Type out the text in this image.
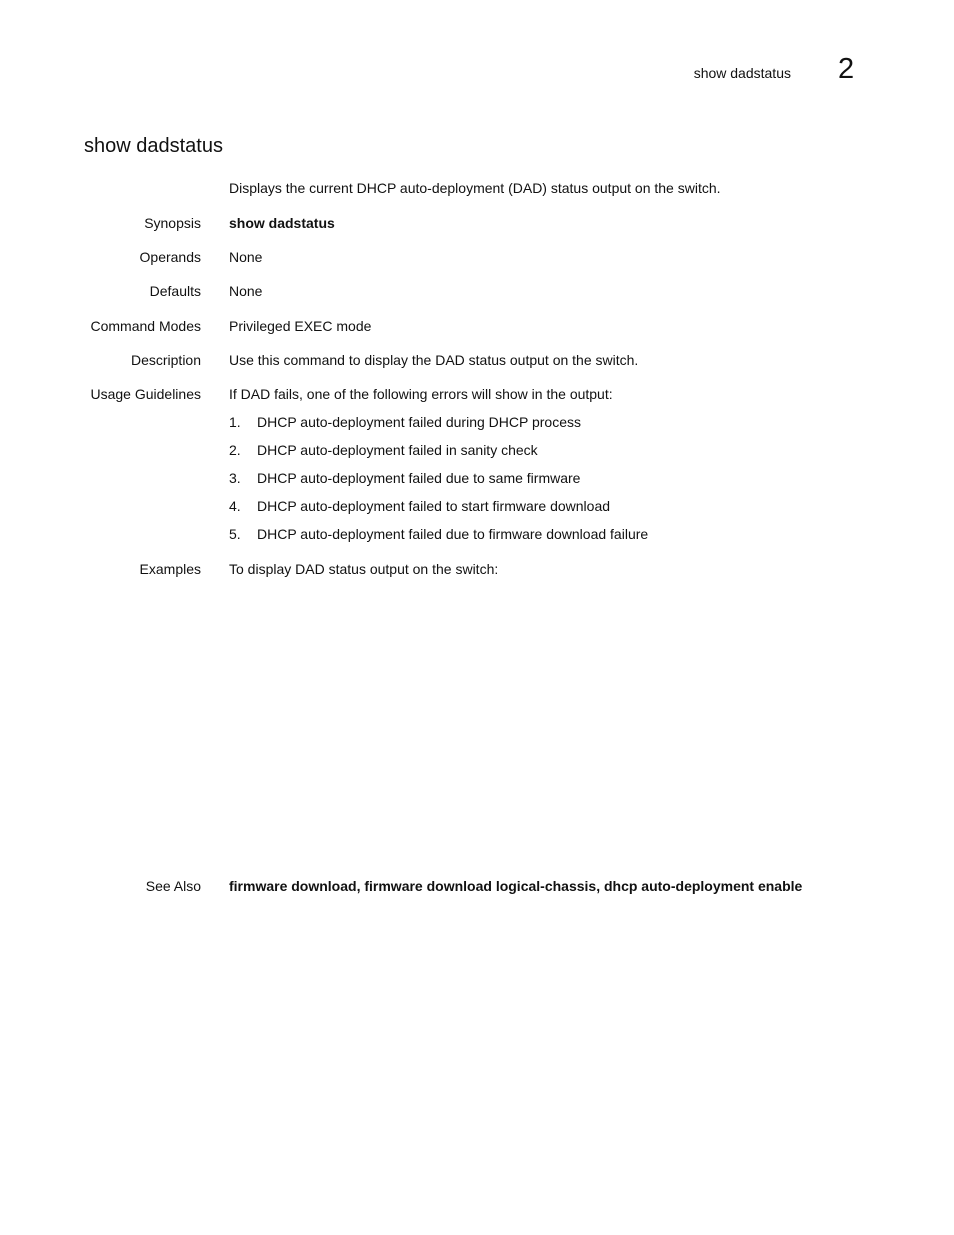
show dadstatus 2
show dadstatus
Displays the current DHCP auto-deployment (DAD) status output on the switch.
Synopsis show dadstatus
Operands None
Defaults None
Command Modes Privileged EXEC mode
Description Use this command to display the DAD status output on the switch.
Usage Guidelines If DAD fails, one of the following errors will show in the output:
1. DHCP auto-deployment failed during DHCP process
2. DHCP auto-deployment failed in sanity check
3. DHCP auto-deployment failed due to same firmware
4. DHCP auto-deployment failed to start firmware download
5. DHCP auto-deployment failed due to firmware download failure
Examples To display DAD status output on the switch:
See Also firmware download, firmware download logical-chassis, dhcp auto-deployment enable
